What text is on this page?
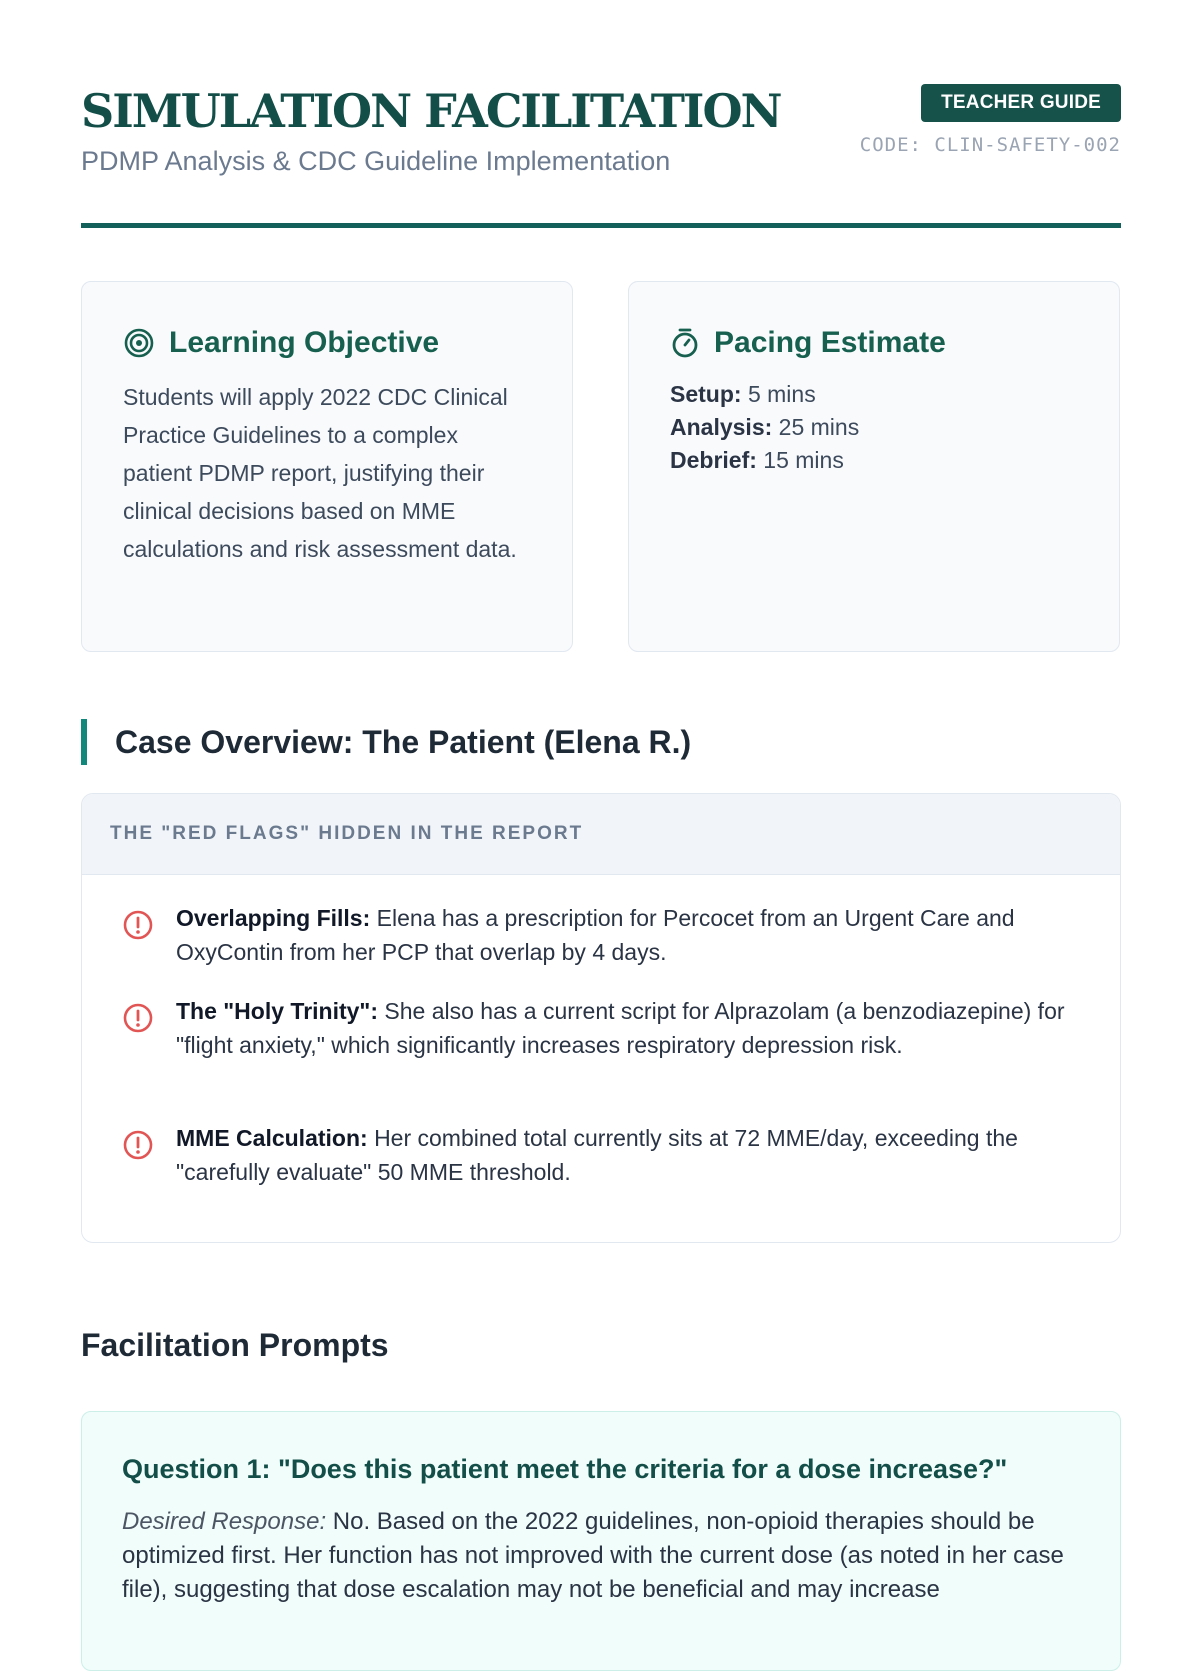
SIMULATION FACILITATION
PDMP Analysis & CDC Guideline Implementation
TEACHER GUIDE
CODE: CLIN-SAFETY-002
Learning Objective

Students will apply 2022 CDC Clinical Practice Guidelines to a complex patient PDMP report, justifying their clinical decisions based on MME calculations and risk assessment data.

Pacing Estimate
Setup: 5 mins
Analysis: 25 mins
Debrief: 15 mins
Case Overview: The Patient (Elena R.)
THE "RED FLAGS" HIDDEN IN THE REPORT
Overlapping Fills: Elena has a prescription for Percocet from an Urgent Care and OxyContin from her PCP that overlap by 4 days.
The "Holy Trinity": She also has a current script for Alprazolam (a benzodiazepine) for "flight anxiety," which significantly increases respiratory depression risk.
MME Calculation: Her combined total currently sits at 72 MME/day, exceeding the "carefully evaluate" 50 MME threshold.
Facilitation Prompts
Question 1: "Does this patient meet the criteria for a dose increase?"

Desired Response: No. Based on the 2022 guidelines, non-opioid therapies should be optimized first. Her function has not improved with the current dose (as noted in her case file), suggesting that dose escalation may not be beneficial and may increase
